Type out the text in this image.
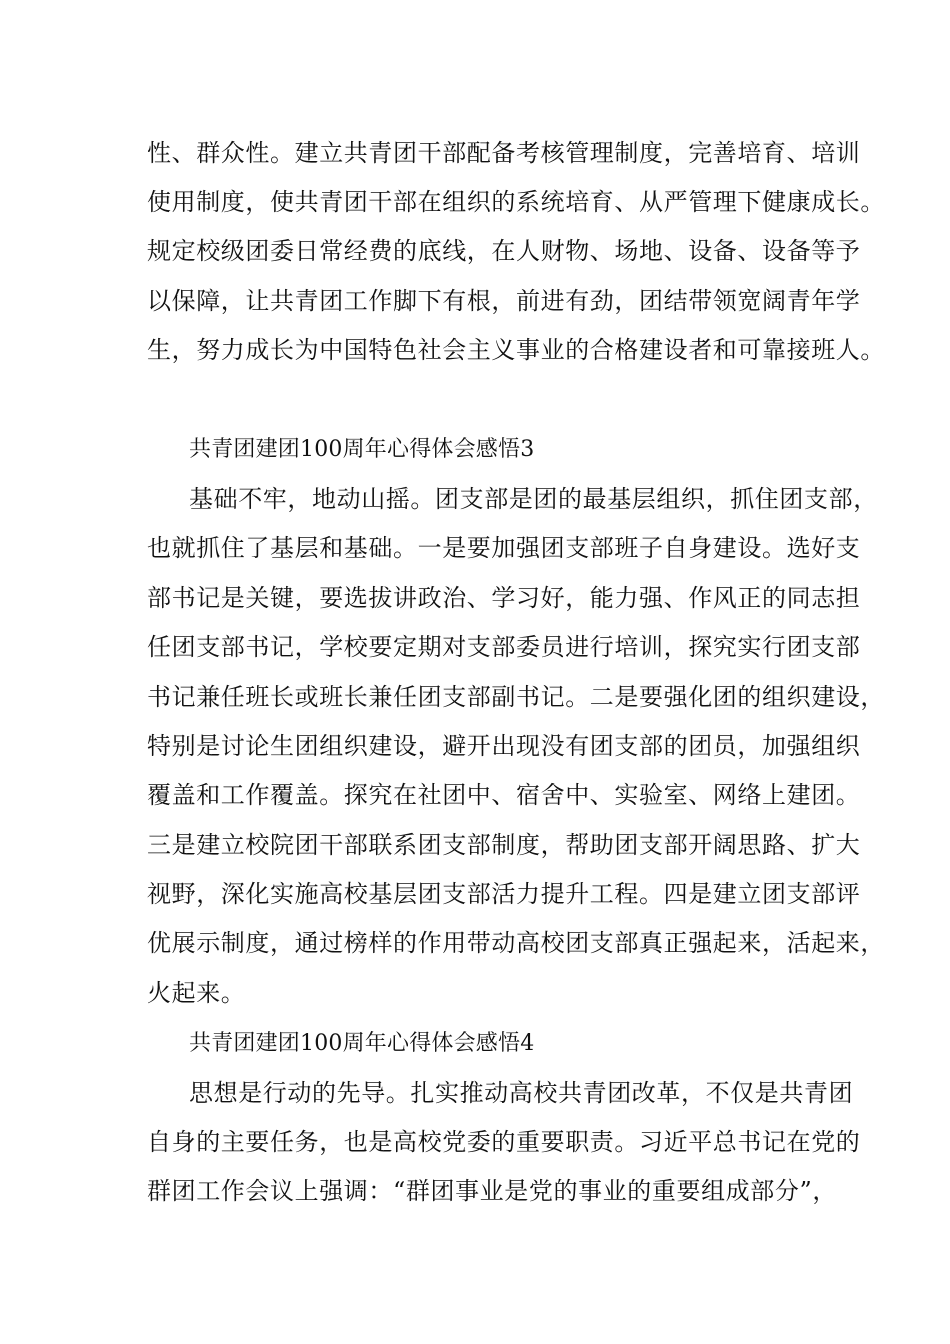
性、群众性。建立共青团干部配备考核管理制度，完善培育、培训
使用制度，使共青团干部在组织的系统培育、从严管理下健康成长。
规定校级团委日常经费的底线，在人财物、场地、设备、设备等予
以保障，让共青团工作脚下有根，前进有劲，团结带领宽阔青年学
生，努力成长为中国特色社会主义事业的合格建设者和可靠接班人。
共青团建团100周年心得体会感悟3
基础不牢，地动山摇。团支部是团的最基层组织，抓住团支部，
也就抓住了基层和基础。一是要加强团支部班子自身建设。选好支
部书记是关键，要选拔讲政治、学习好，能力强、作风正的同志担
任团支部书记，学校要定期对支部委员进行培训，探究实行团支部
书记兼任班长或班长兼任团支部副书记。二是要强化团的组织建设，
特别是讨论生团组织建设，避开出现没有团支部的团员，加强组织
覆盖和工作覆盖。探究在社团中、宿舍中、实验室、网络上建团。
三是建立校院团干部联系团支部制度，帮助团支部开阔思路、扩大
视野，深化实施高校基层团支部活力提升工程。四是建立团支部评
优展示制度，通过榜样的作用带动高校团支部真正强起来，活起来，
火起来。
共青团建团100周年心得体会感悟4
思想是行动的先导。扎实推动高校共青团改革，不仅是共青团
自身的主要任务，也是高校党委的重要职责。习近平总书记在党的
群团工作会议上强调：“群团事业是党的事业的重要组成部分”，
